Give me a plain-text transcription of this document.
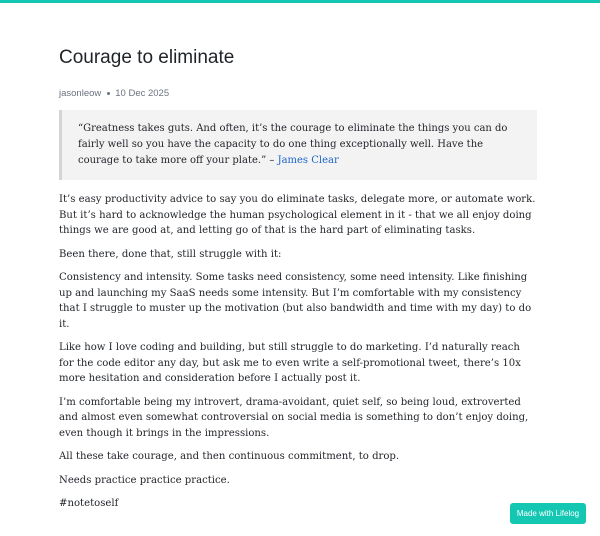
Courage to eliminate
jasonleow 10 Dec 2025
“Greatness takes guts. And often, it’s the courage to eliminate the things you can do fairly well so you have the capacity to do one thing exceptionally well. Have the courage to take more off your plate.” – James Clear

It’s easy productivity advice to say you do eliminate tasks, delegate more, or automate work. But it’s hard to acknowledge the human psychological element in it - that we all enjoy doing things we are good at, and letting go of that is the hard part of eliminating tasks.

Been there, done that, still struggle with it:

Consistency and intensity. Some tasks need consistency, some need intensity. Like finishing up and launching my SaaS needs some intensity. But I’m comfortable with my consistency that I struggle to muster up the motivation (but also bandwidth and time with my day) to do it.

Like how I love coding and building, but still struggle to do marketing. I’d naturally reach for the code editor any day, but ask me to even write a self-promotional tweet, there’s 10x more hesitation and consideration before I actually post it.

I’m comfortable being my introvert, drama-avoidant, quiet self, so being loud, extroverted and almost even somewhat controversial on social media is something to don’t enjoy doing, even though it brings in the impressions.

All these take courage, and then continuous commitment, to drop.

Needs practice practice practice.

#notetoself

Made with Lifelog
